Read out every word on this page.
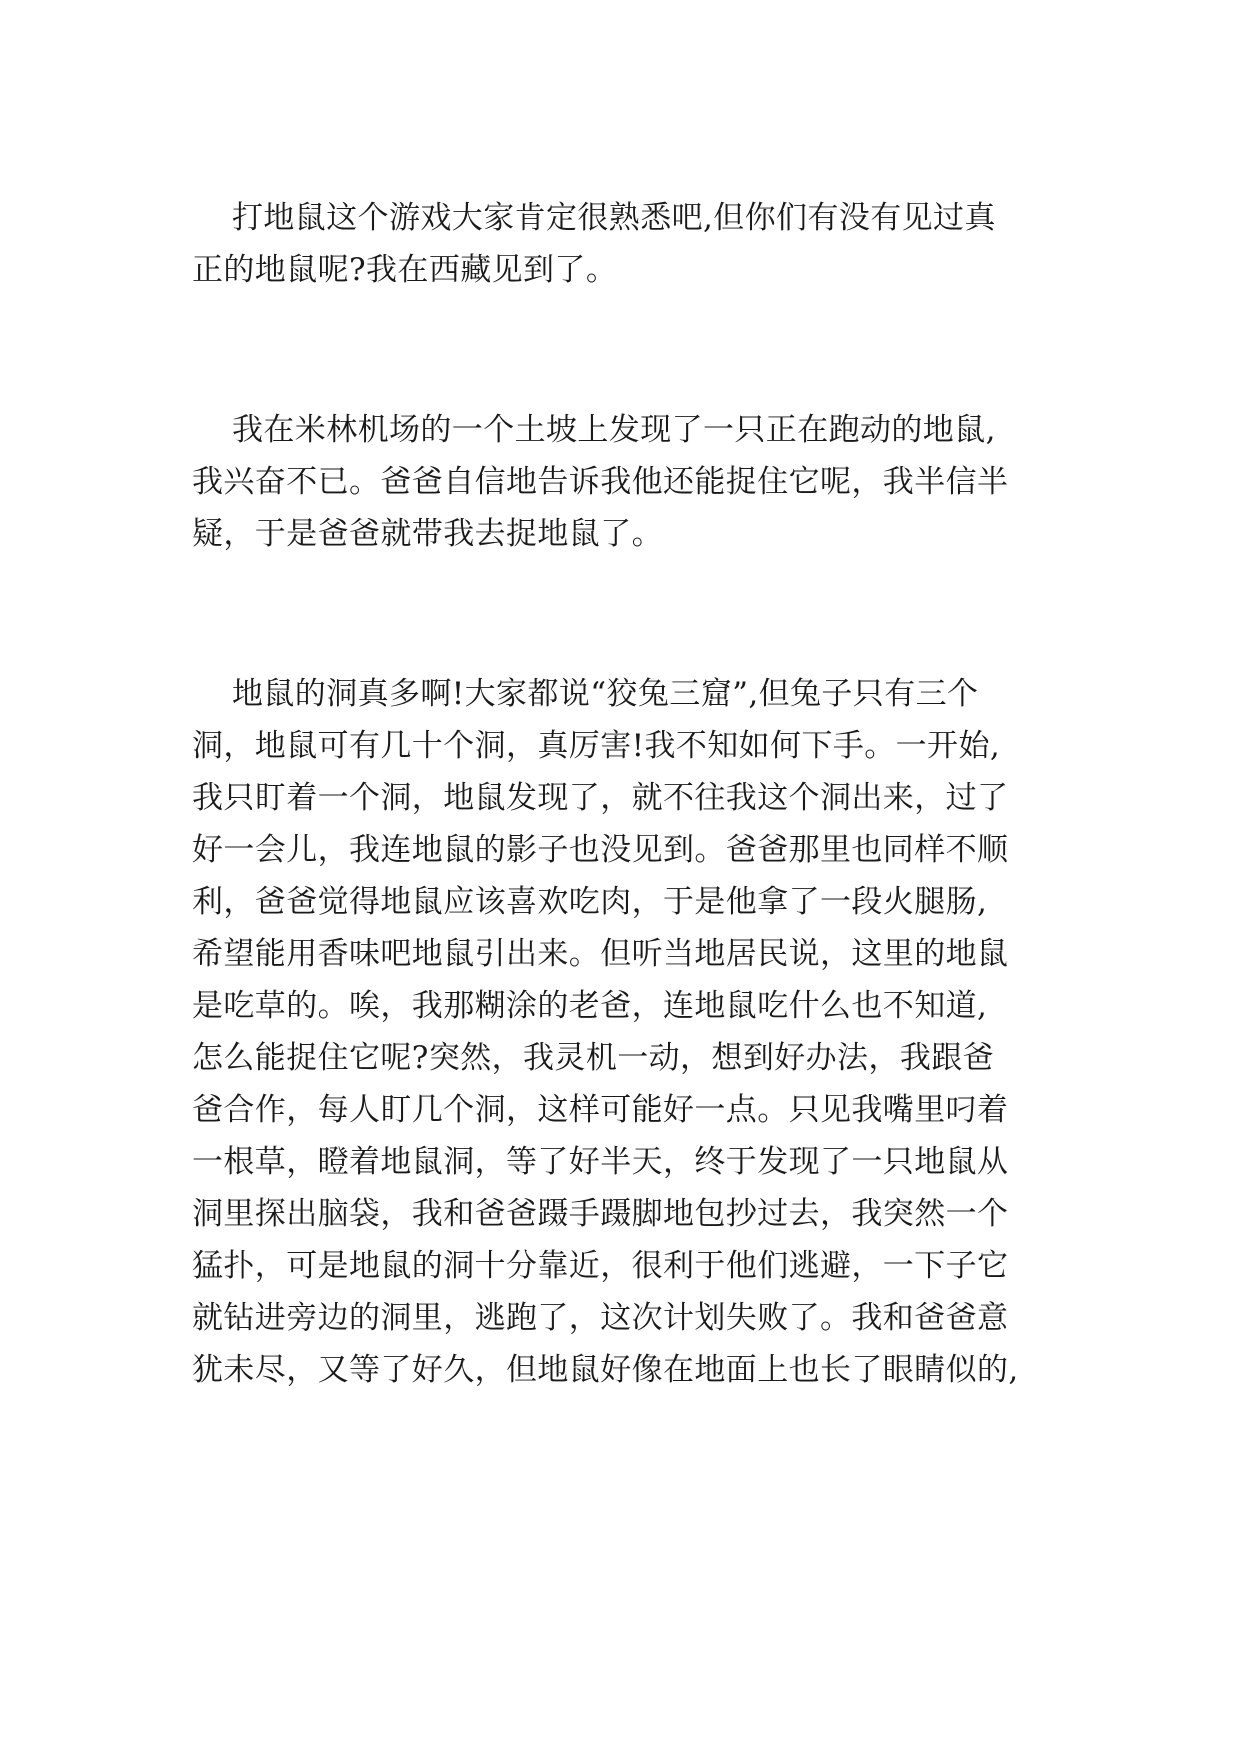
打地鼠这个游戏大家肯定很熟悉吧,但你们有没有见过真
正的地鼠呢?我在西藏见到了。
我在米林机场的一个土坡上发现了一只正在跑动的地鼠,
我兴奋不已。爸爸自信地告诉我他还能捉住它呢，我半信半
疑，于是爸爸就带我去捉地鼠了。
地鼠的洞真多啊!大家都说“狡兔三窟”,但兔子只有三个
洞，地鼠可有几十个洞，真厉害!我不知如何下手。一开始,
我只盯着一个洞，地鼠发现了，就不往我这个洞出来，过了
好一会儿，我连地鼠的影子也没见到。爸爸那里也同样不顺
利，爸爸觉得地鼠应该喜欢吃肉，于是他拿了一段火腿肠,
希望能用香味吧地鼠引出来。但听当地居民说，这里的地鼠
是吃草的。唉，我那糊涂的老爸，连地鼠吃什么也不知道,
怎么能捉住它呢?突然，我灵机一动，想到好办法，我跟爸
爸合作，每人盯几个洞，这样可能好一点。只见我嘴里叼着
一根草，瞪着地鼠洞，等了好半天，终于发现了一只地鼠从
洞里探出脑袋，我和爸爸蹑手蹑脚地包抄过去，我突然一个
猛扑，可是地鼠的洞十分靠近，很利于他们逃避，一下子它
就钻进旁边的洞里，逃跑了，这次计划失败了。我和爸爸意
犹未尽，又等了好久，但地鼠好像在地面上也长了眼睛似的,
